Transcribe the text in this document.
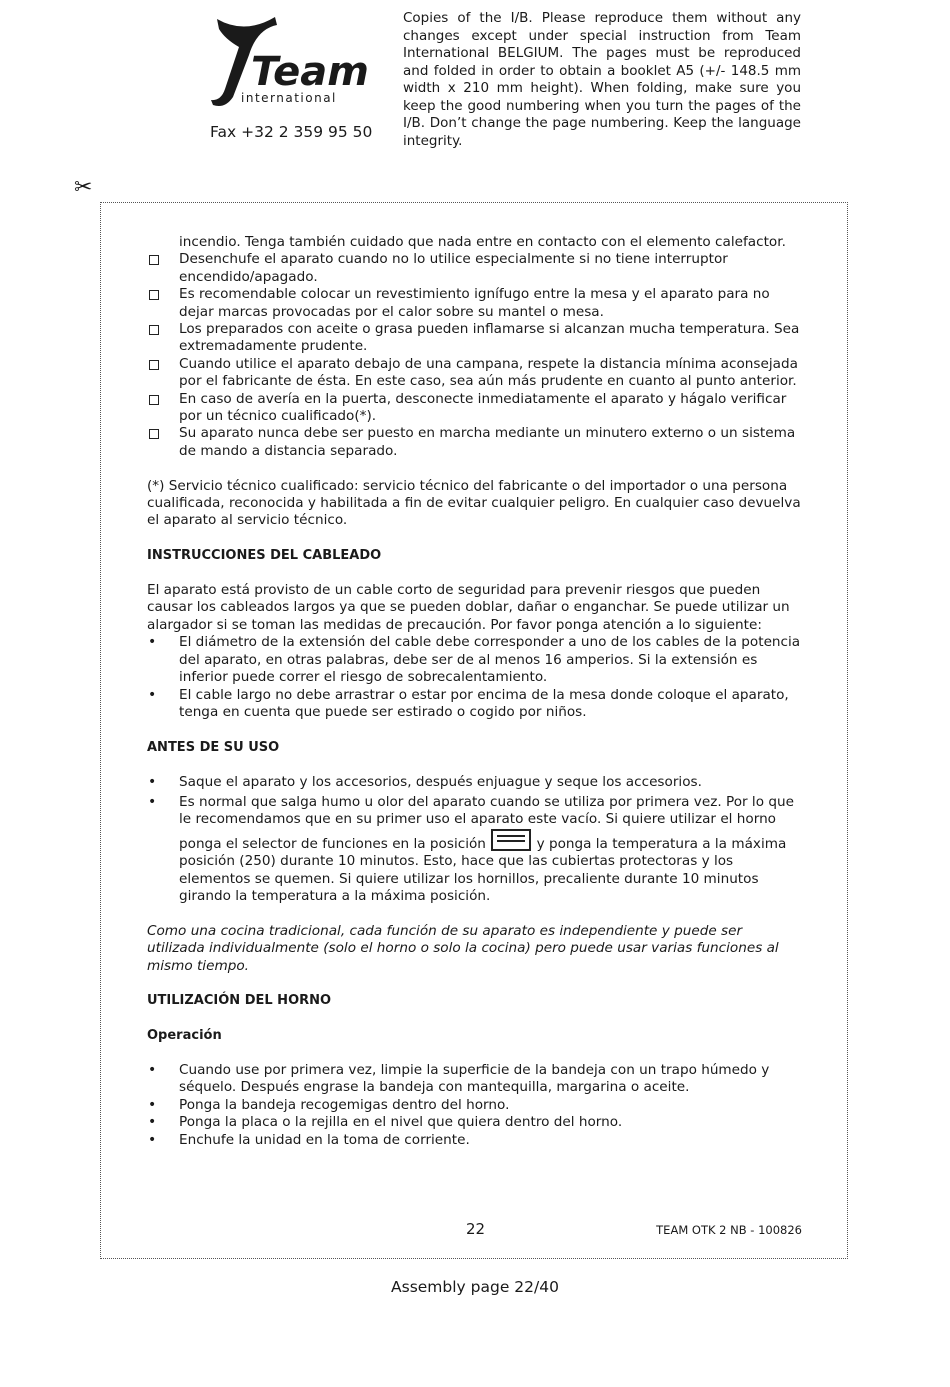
Team
international
Fax +32 2 359 95 50
Copies of the I/B. Please reproduce them without any changes except under special instruction from Team International BELGIUM. The pages must be reproduced and folded in order to obtain a booklet A5 (+/- 148.5 mm width x 210 mm height). When folding, make sure you keep the good numbering when you turn the pages of the I/B. Don’t change the page numbering. Keep the language integrity.
✂
incendio. Tenga también cuidado que nada entre en contacto con el elemento calefactor.
Desenchufe el aparato cuando no lo utilice especialmente si no tiene interruptor encendido/apagado.
Es recomendable colocar un revestimiento ignífugo entre la mesa y el aparato para no dejar marcas provocadas por el calor sobre su mantel o mesa.
Los preparados con aceite o grasa pueden inflamarse si alcanzan mucha temperatura. Sea extremadamente prudente.
Cuando utilice el aparato debajo de una campana, respete la distancia mínima aconsejada por el fabricante de ésta. En este caso, sea aún más prudente en cuanto al punto anterior.
En caso de avería en la puerta, desconecte inmediatamente el aparato y hágalo verificar por un técnico cualificado(*).
Su aparato nunca debe ser puesto en marcha mediante un minutero externo o un sistema de mando a distancia separado.

(*) Servicio técnico cualificado: servicio técnico del fabricante o del importador o una persona cualificada, reconocida y habilitada a fin de evitar cualquier peligro. En cualquier caso devuelva el aparato al servicio técnico.

INSTRUCCIONES DEL CABLEADO

El aparato está provisto de un cable corto de seguridad para prevenir riesgos que pueden causar los cableados largos ya que se pueden doblar, dañar o enganchar. Se puede utilizar un alargador si se toman las medidas de precaución. Por favor ponga atención a lo siguiente:

•	El diámetro de la extensión del cable debe corresponder a uno de los cables de la potencia del aparato, en otras palabras, debe ser de al menos 16 amperios. Si la extensión es inferior puede correr el riesgo de sobrecalentamiento.
•	El cable largo no debe arrastrar o estar por encima de la mesa donde coloque el aparato, tenga en cuenta que puede ser estirado o cogido por niños.

ANTES DE SU USO

•	Saque el aparato y los accesorios, después enjuague y seque los accesorios.
•	Es normal que salga humo u olor del aparato cuando se utiliza por primera vez. Por lo que le recomendamos que en su primer uso el aparato este vacío. Si quiere utilizar el horno ponga el selector de funciones en la posición	y ponga la temperatura a la máxima posición (250) durante 10 minutos. Esto, hace que las cubiertas protectoras y los elementos se quemen. Si quiere utilizar los hornillos, precaliente durante 10 minutos girando la temperatura a la máxima posición.

Como una cocina tradicional, cada función de su aparato es independiente y puede ser utilizada individualmente (solo el horno o solo la cocina) pero puede usar varias funciones al mismo tiempo.

UTILIZACIÓN DEL HORNO

Operación

•	Cuando use por primera vez, limpie la superficie de la bandeja con un trapo húmedo y séquelo. Después engrase la bandeja con mantequilla, margarina o aceite.
•	Ponga la bandeja recogemigas dentro del horno.
•	Ponga la placa o la rejilla en el nivel que quiera dentro del horno.
•	Enchufe la unidad en la toma de corriente.
22	TEAM OTK 2 NB - 100826
Assembly page 22/40
